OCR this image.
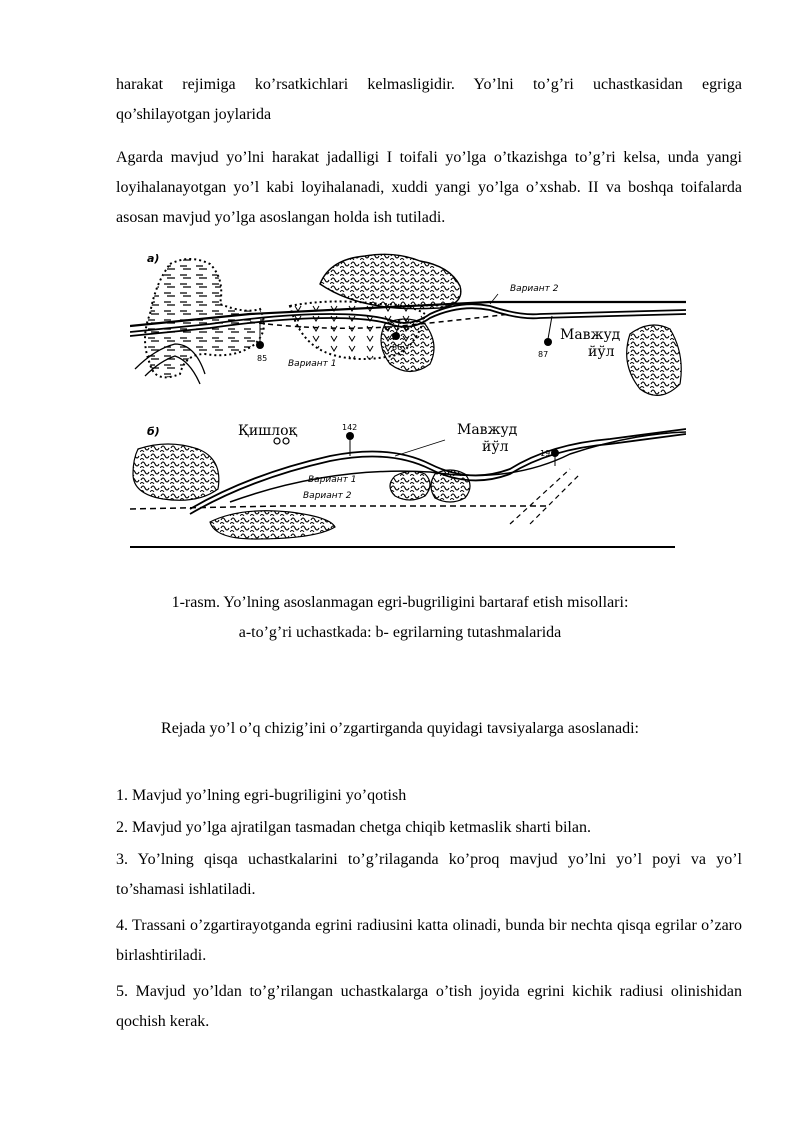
harakat rejimiga ko’rsatkichlari kelmasligidir. Yo’lni to’g’ri uchastkasidan egriga
qo’shilayotgan joylarida

Agarda mavjud yo’lni harakat jadalligi I toifali yo’lga o’tkazishga to’g’ri kelsa, unda yangi loyihalanayotgan yo’l kabi loyihalanadi, xuddi yangi yo’lga o’xshab. II va boshqa toifalarda asosan mavjud yo’lga asoslangan holda ish tutiladi.

а)
85
86
87
Вариант 2
Вариант 1
Мавжуд
йўл
б)	142
191
Қишлоқ	Мавжуд
йўл
Вариант 1
Вариант 2
1-rasm. Yo’lning asoslanmagan egri-bugriligini bartaraf etish misollari:
a-to’g’ri uchastkada: b- egrilarning tutashmalarida
Rejada yo’l o’q chizig’ini o’zgartirganda quyidagi tavsiyalarga asoslanadi:
1. Mavjud yo’lning egri-bugriligini yo’qotish
2. Mavjud yo’lga ajratilgan tasmadan chetga chiqib ketmaslik sharti bilan.

3. Yo’lning qisqa uchastkalarini to’g’rilaganda ko’proq mavjud yo’lni yo’l poyi va yo’l to’shamasi ishlatiladi.

4. Trassani o’zgartirayotganda egrini radiusini katta olinadi, bunda bir nechta qisqa egrilar o’zaro birlashtiriladi.

5. Mavjud yo’ldan to’g’rilangan uchastkalarga o’tish joyida egrini kichik radiusi olinishidan qochish kerak.
